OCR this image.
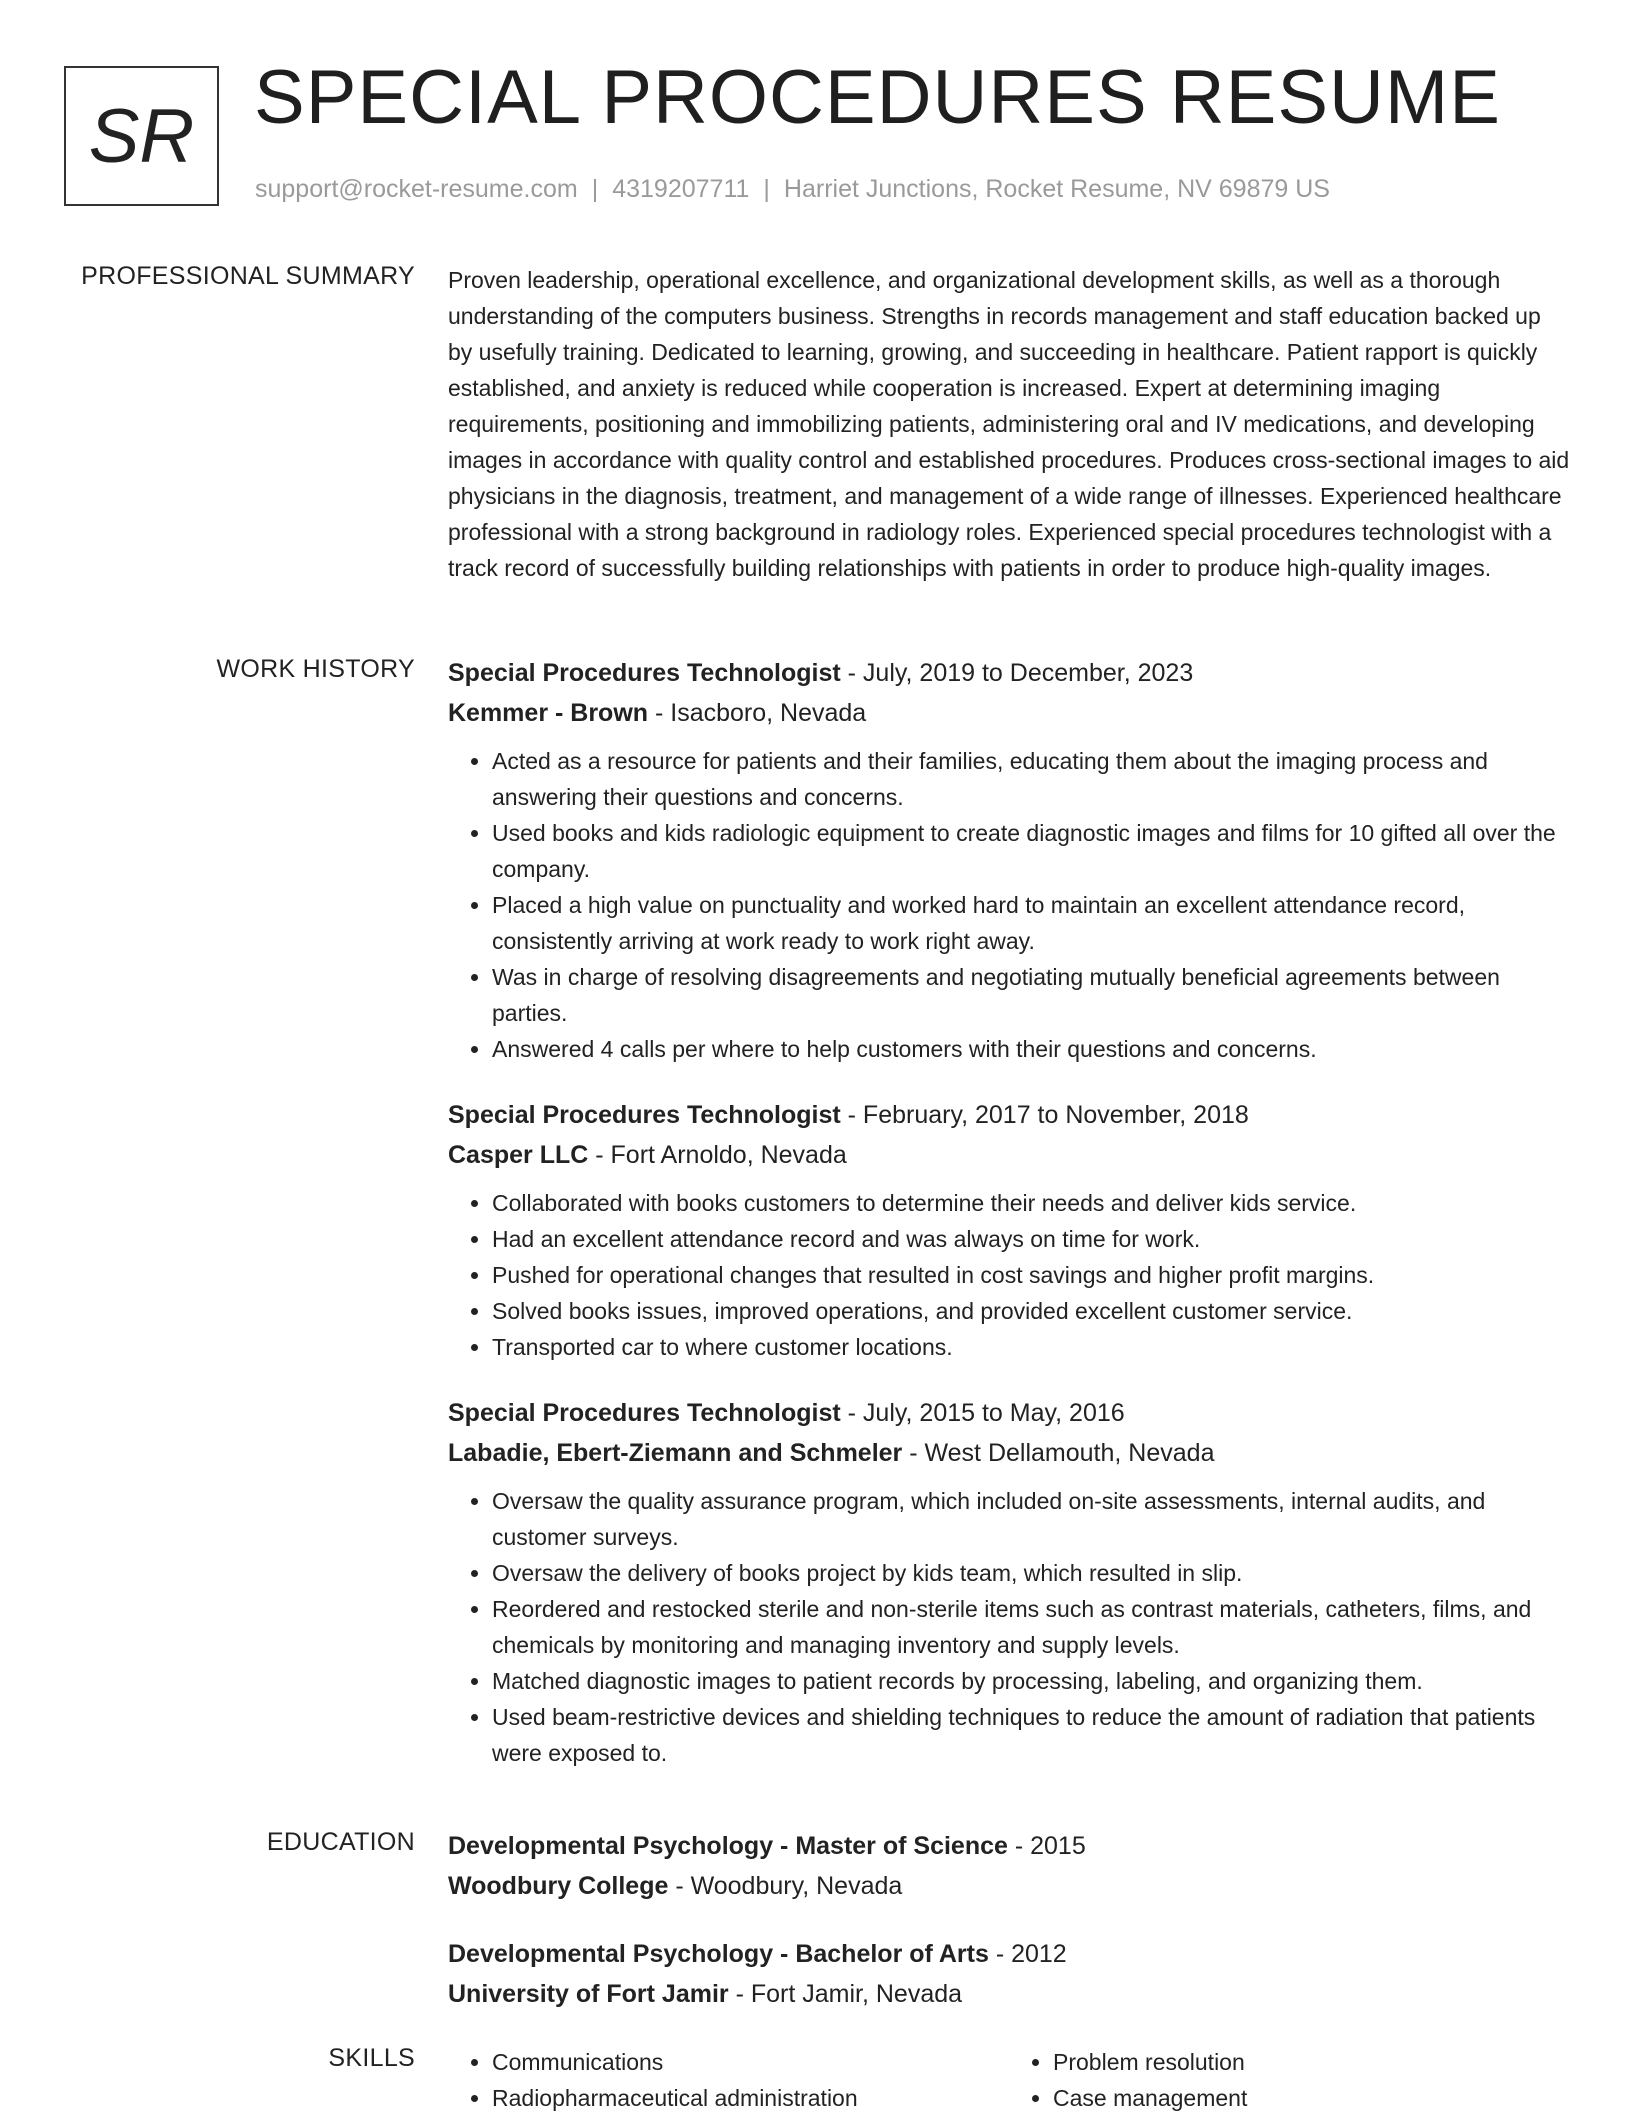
SR SPECIAL PROCEDURES RESUME
support@rocket-resume.com | 4319207711 | Harriet Junctions, Rocket Resume, NV 69879 US
PROFESSIONAL SUMMARY Proven leadership, operational excellence, and organizational development skills, as well as a thorough understanding of the computers business. Strengths in records management and staff education backed up by usefully training. Dedicated to learning, growing, and succeeding in healthcare. Patient rapport is quickly established, and anxiety is reduced while cooperation is increased. Expert at determining imaging requirements, positioning and immobilizing patients, administering oral and IV medications, and developing images in accordance with quality control and established procedures. Produces cross-sectional images to aid physicians in the diagnosis, treatment, and management of a wide range of illnesses. Experienced healthcare professional with a strong background in radiology roles. Experienced special procedures technologist with a track record of successfully building relationships with patients in order to produce high-quality images.

WORK HISTORY Special Procedures Technologist - July, 2019 to December, 2023
Kemmer - Brown - Isacboro, Nevada
• Acted as a resource for patients and their families, educating them about the imaging process and answering their questions and concerns.
• Used books and kids radiologic equipment to create diagnostic images and films for 10 gifted all over the company.
• Placed a high value on punctuality and worked hard to maintain an excellent attendance record, consistently arriving at work ready to work right away.
• Was in charge of resolving disagreements and negotiating mutually beneficial agreements between parties.
• Answered 4 calls per where to help customers with their questions and concerns.
Special Procedures Technologist - February, 2017 to November, 2018
Casper LLC - Fort Arnoldo, Nevada
• Collaborated with books customers to determine their needs and deliver kids service.
• Had an excellent attendance record and was always on time for work.
• Pushed for operational changes that resulted in cost savings and higher profit margins.
• Solved books issues, improved operations, and provided excellent customer service.
• Transported car to where customer locations.
Special Procedures Technologist - July, 2015 to May, 2016
Labadie, Ebert-Ziemann and Schmeler - West Dellamouth, Nevada
• Oversaw the quality assurance program, which included on-site assessments, internal audits, and customer surveys.
• Oversaw the delivery of books project by kids team, which resulted in slip.
• Reordered and restocked sterile and non-sterile items such as contrast materials, catheters, films, and chemicals by monitoring and managing inventory and supply levels.
• Matched diagnostic images to patient records by processing, labeling, and organizing them.
• Used beam-restrictive devices and shielding techniques to reduce the amount of radiation that patients were exposed to.
EDUCATION Developmental Psychology - Master of Science - 2015
Woodbury College - Woodbury, Nevada
Developmental Psychology - Bachelor of Arts - 2012
University of Fort Jamir - Fort Jamir, Nevada
SKILLS
•	Communications
• Radiopharmaceutical administration
• Problem resolution
• Case management
